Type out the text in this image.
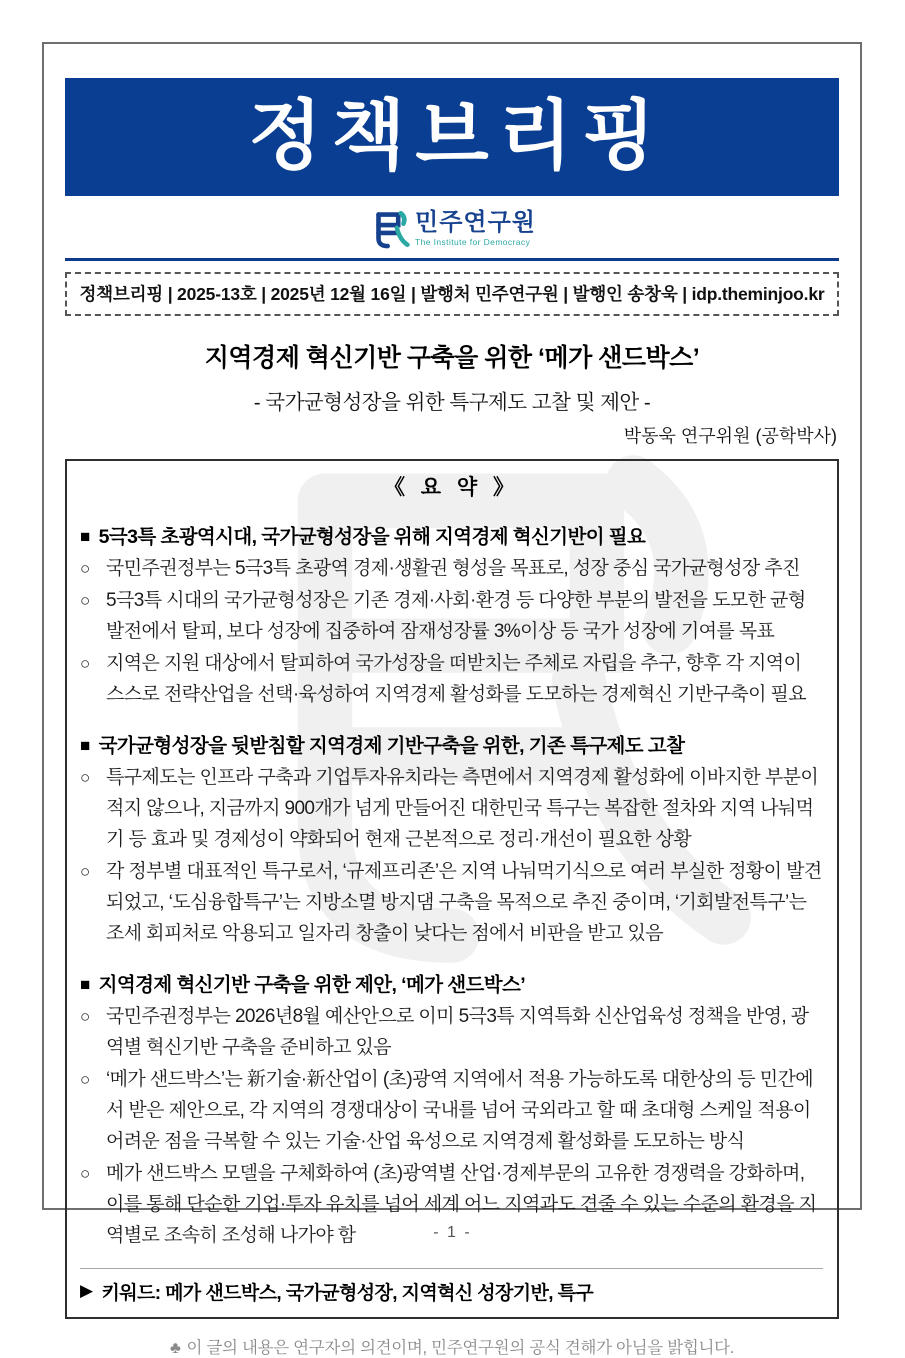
정책브리핑
민주연구원
The Institute for Democracy
정책브리핑 | 2025-13호 | 2025년 12월 16일 | 발행처 민주연구원 | 발행인 송창욱 | idp.theminjoo.kr
지역경제 혁신기반 구축을 위한 ‘메가 샌드박스’
- 국가균형성장을 위한 특구제도 고찰 및 제안 -
박동욱 연구위원 (공학박사)
《 요 약 》
■ 5극3특 초광역시대, 국가균형성장을 위해 지역경제 혁신기반이 필요
○ 국민주권정부는 5극3특 초광역 경제·생활권 형성을 목표로, 성장 중심 국가균형성장 추진
○ 5극3특 시대의 국가균형성장은 기존 경제·사회·환경 등 다양한 부분의 발전을 도모한 균형 발전에서 탈피, 보다 성장에 집중하여 잠재성장률 3%이상 등 국가 성장에 기여를 목표
○ 지역은 지원 대상에서 탈피하여 국가성장을 떠받치는 주체로 자립을 추구, 향후 각 지역이 스스로 전략산업을 선택·육성하여 지역경제 활성화를 도모하는 경제혁신 기반구축이 필요
■ 국가균형성장을 뒷받침할 지역경제 기반구축을 위한, 기존 특구제도 고찰
○ 특구제도는 인프라 구축과 기업투자유치라는 측면에서 지역경제 활성화에 이바지한 부분이 적지 않으나, 지금까지 900개가 넘게 만들어진 대한민국 특구는 복잡한 절차와 지역 나눠먹기 등 효과 및 경제성이 약화되어 현재 근본적으로 정리·개선이 필요한 상황
○ 각 정부별 대표적인 특구로서, ‘규제프리존’은 지역 나눠먹기식으로 여러 부실한 정황이 발견되었고, ‘도심융합특구’는 지방소멸 방지댐 구축을 목적으로 추진 중이며, ‘기회발전특구’는 조세 회피처로 악용되고 일자리 창출이 낮다는 점에서 비판을 받고 있음
■ 지역경제 혁신기반 구축을 위한 제안, ‘메가 샌드박스’
○ 국민주권정부는 2026년8월 예산안으로 이미 5극3특 지역특화 신산업육성 정책을 반영, 광역별 혁신기반 구축을 준비하고 있음
○ ‘메가 샌드박스’는 新기술·新산업이 (초)광역 지역에서 적용 가능하도록 대한상의 등 민간에서 받은 제안으로, 각 지역의 경쟁대상이 국내를 넘어 국외라고 할 때 초대형 스케일 적용이 어려운 점을 극복할 수 있는 기술·산업 육성으로 지역경제 활성화를 도모하는 방식
○ 메가 샌드박스 모델을 구체화하여 (초)광역별 산업·경제부문의 고유한 경쟁력을 강화하며, 이를 통해 단순한 기업·투자 유치를 넘어 세계 어느 지역과도 견줄 수 있는 수준의 환경을 지역별로 조속히 조성해 나가야 함
▶ 키워드: 메가 샌드박스, 국가균형성장, 지역혁신 성장기반, 특구
♣ 이 글의 내용은 연구자의 의견이며, 민주연구원의 공식 견해가 아님을 밝힙니다.
- 1 -
